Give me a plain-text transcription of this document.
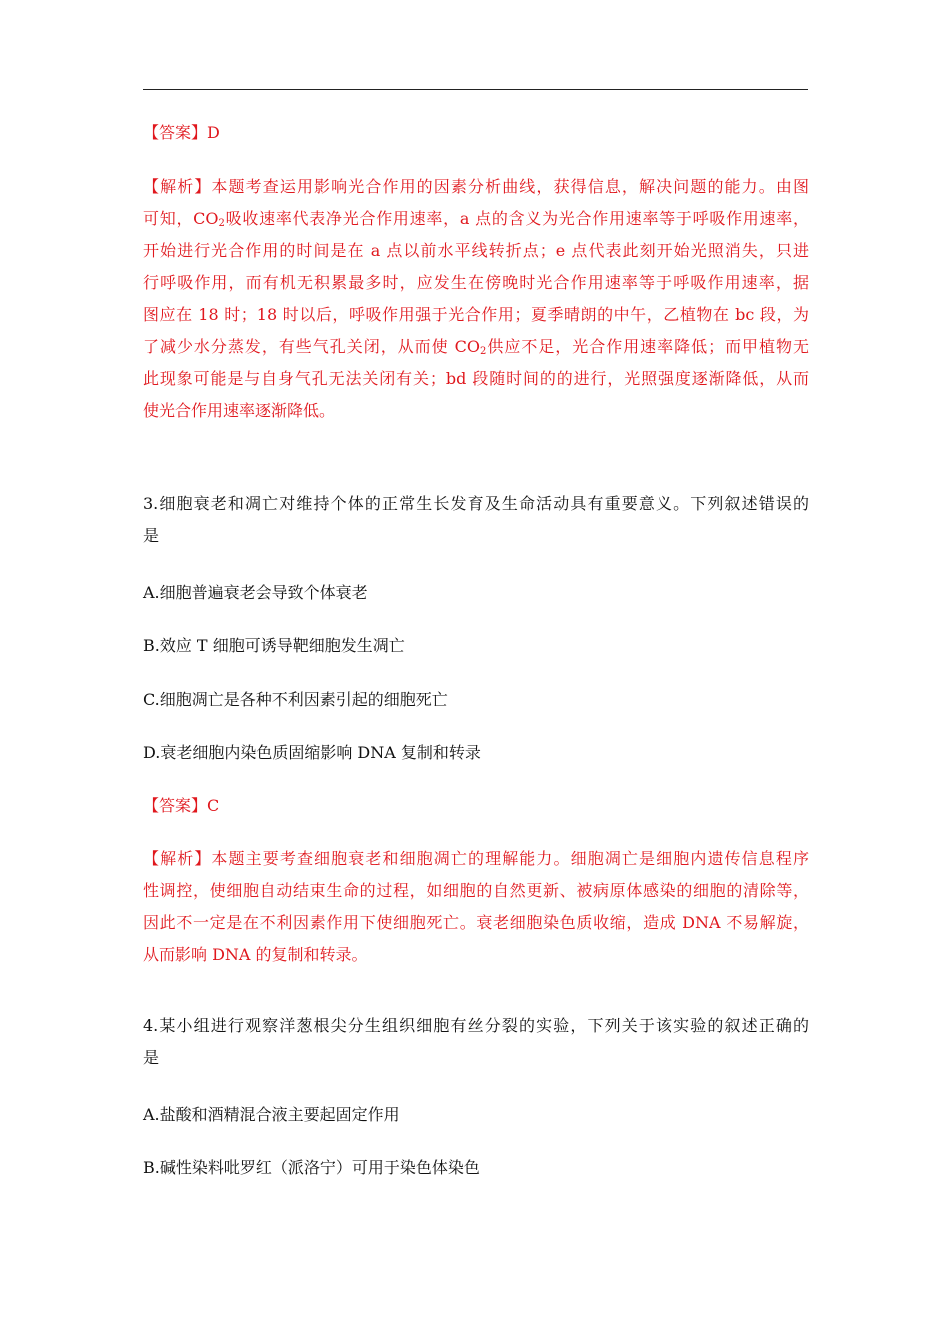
【答案】D
【解析】本题考查运用影响光合作用的因素分析曲线，获得信息，解决问题的能力。由图
可知，$CO_2$吸收速率代表净光合作用速率，a 点的含义为光合作用速率等于呼吸作用速率，
开始进行光合作用的时间是在 a 点以前水平线转折点；e 点代表此刻开始光照消失，只进
行呼吸作用，而有机无积累最多时，应发生在傍晚时光合作用速率等于呼吸作用速率，据
图应在 18 时；18 时以后，呼吸作用强于光合作用；夏季晴朗的中午，乙植物在 bc 段，为
了减少水分蒸发，有些气孔关闭，从而使 $CO_2$供应不足，光合作用速率降低；而甲植物无
此现象可能是与自身气孔无法关闭有关；bd 段随时间的的进行，光照强度逐渐降低，从而
使光合作用速率逐渐降低。
3.细胞衰老和凋亡对维持个体的正常生长发育及生命活动具有重要意义。下列叙述错误的
是
A.细胞普遍衰老会导致个体衰老
B.效应 T 细胞可诱导靶细胞发生凋亡
C.细胞凋亡是各种不利因素引起的细胞死亡
D.衰老细胞内染色质固缩影响 DNA 复制和转录
【答案】C
【解析】本题主要考查细胞衰老和细胞凋亡的理解能力。细胞凋亡是细胞内遗传信息程序
性调控，使细胞自动结束生命的过程，如细胞的自然更新、被病原体感染的细胞的清除等，
因此不一定是在不利因素作用下使细胞死亡。衰老细胞染色质收缩，造成 DNA 不易解旋，
从而影响 DNA 的复制和转录。
4.某小组进行观察洋葱根尖分生组织细胞有丝分裂的实验，下列关于该实验的叙述正确的
是
A.盐酸和酒精混合液主要起固定作用
B.碱性染料吡罗红（派洛宁）可用于染色体染色
